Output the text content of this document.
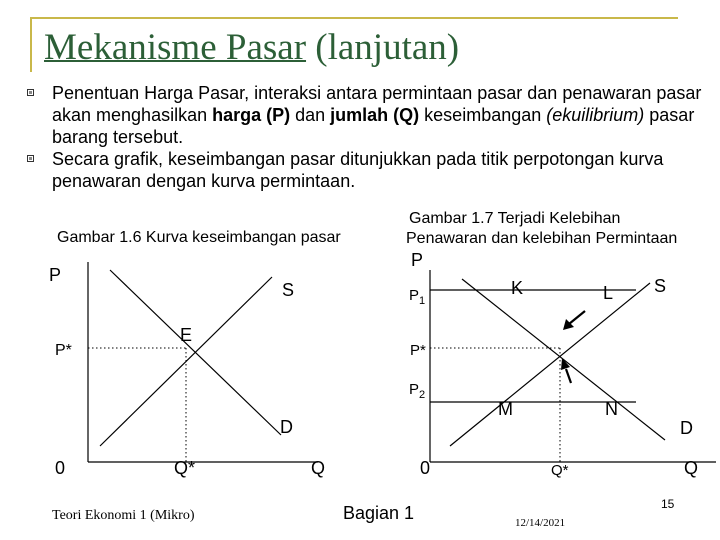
Mekanisme Pasar (lanjutan)
Penentuan Harga Pasar, interaksi antara permintaan pasar dan penawaran pasar akan menghasilkan harga (P) dan jumlah (Q) keseimbangan (ekuilibrium) pasar barang tersebut.
Secara grafik, keseimbangan pasar ditunjukkan pada titik perpotongan kurva penawaran dengan kurva permintaan.
Gambar 1.6 Kurva keseimbangan pasar
P
S
E
P*
D
0	Q*	Q
Gambar 1.7 Terjadi Kelebihan
Penawaran dan kelebihan Permintaan
P
$P_1$
K	L S
P*
$P_2$
M	N
D
0	Q*	Q
Teori Ekonomi 1 (Mikro)	Bagian 1	12/14/2021
15
